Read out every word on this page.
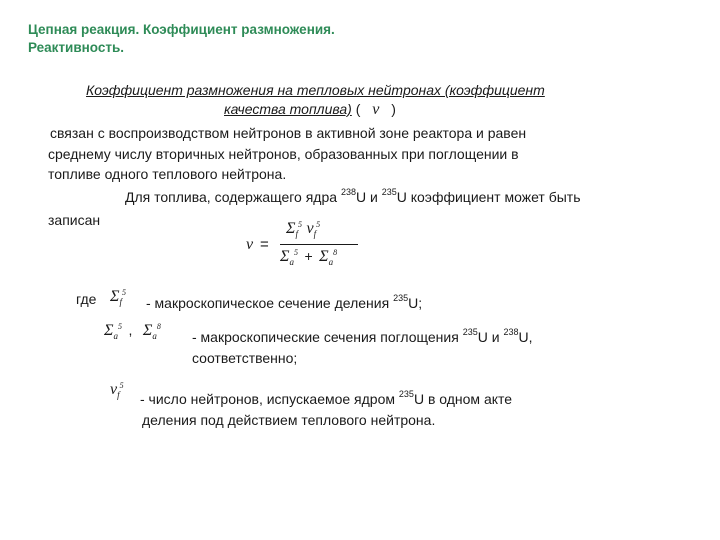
Цепная реакция. Коэффициент размножения.
Реактивность.
Коэффициент размножения на тепловых нейтронах (коэффициент
качества топлива) ( ν )
связан с воспроизводством нейтронов в активной зоне реактора и равен
среднему числу вторичных нейтронов, образованных при поглощении в
топливе одного теплового нейтрона.
Для топлива, содержащего ядра $^{238}$U и $^{235}$U коэффициент может быть
записан
ν =
$\Sigma_f^5$ $\nu_f^5$
$\Sigma_a^5 + \Sigma_a^8$
где $\Sigma_f^5$
- макроскопическое сечение деления $^{235}$U;
$\Sigma_a^5$ , $\Sigma_a^8$
- макроскопические сечения поглощения $^{235}$U и $^{238}$U,
соответственно;
$\nu_f^5$
- число нейтронов, испускаемое ядром $^{235}$U в одном акте
деления под действием теплового нейтрона.
